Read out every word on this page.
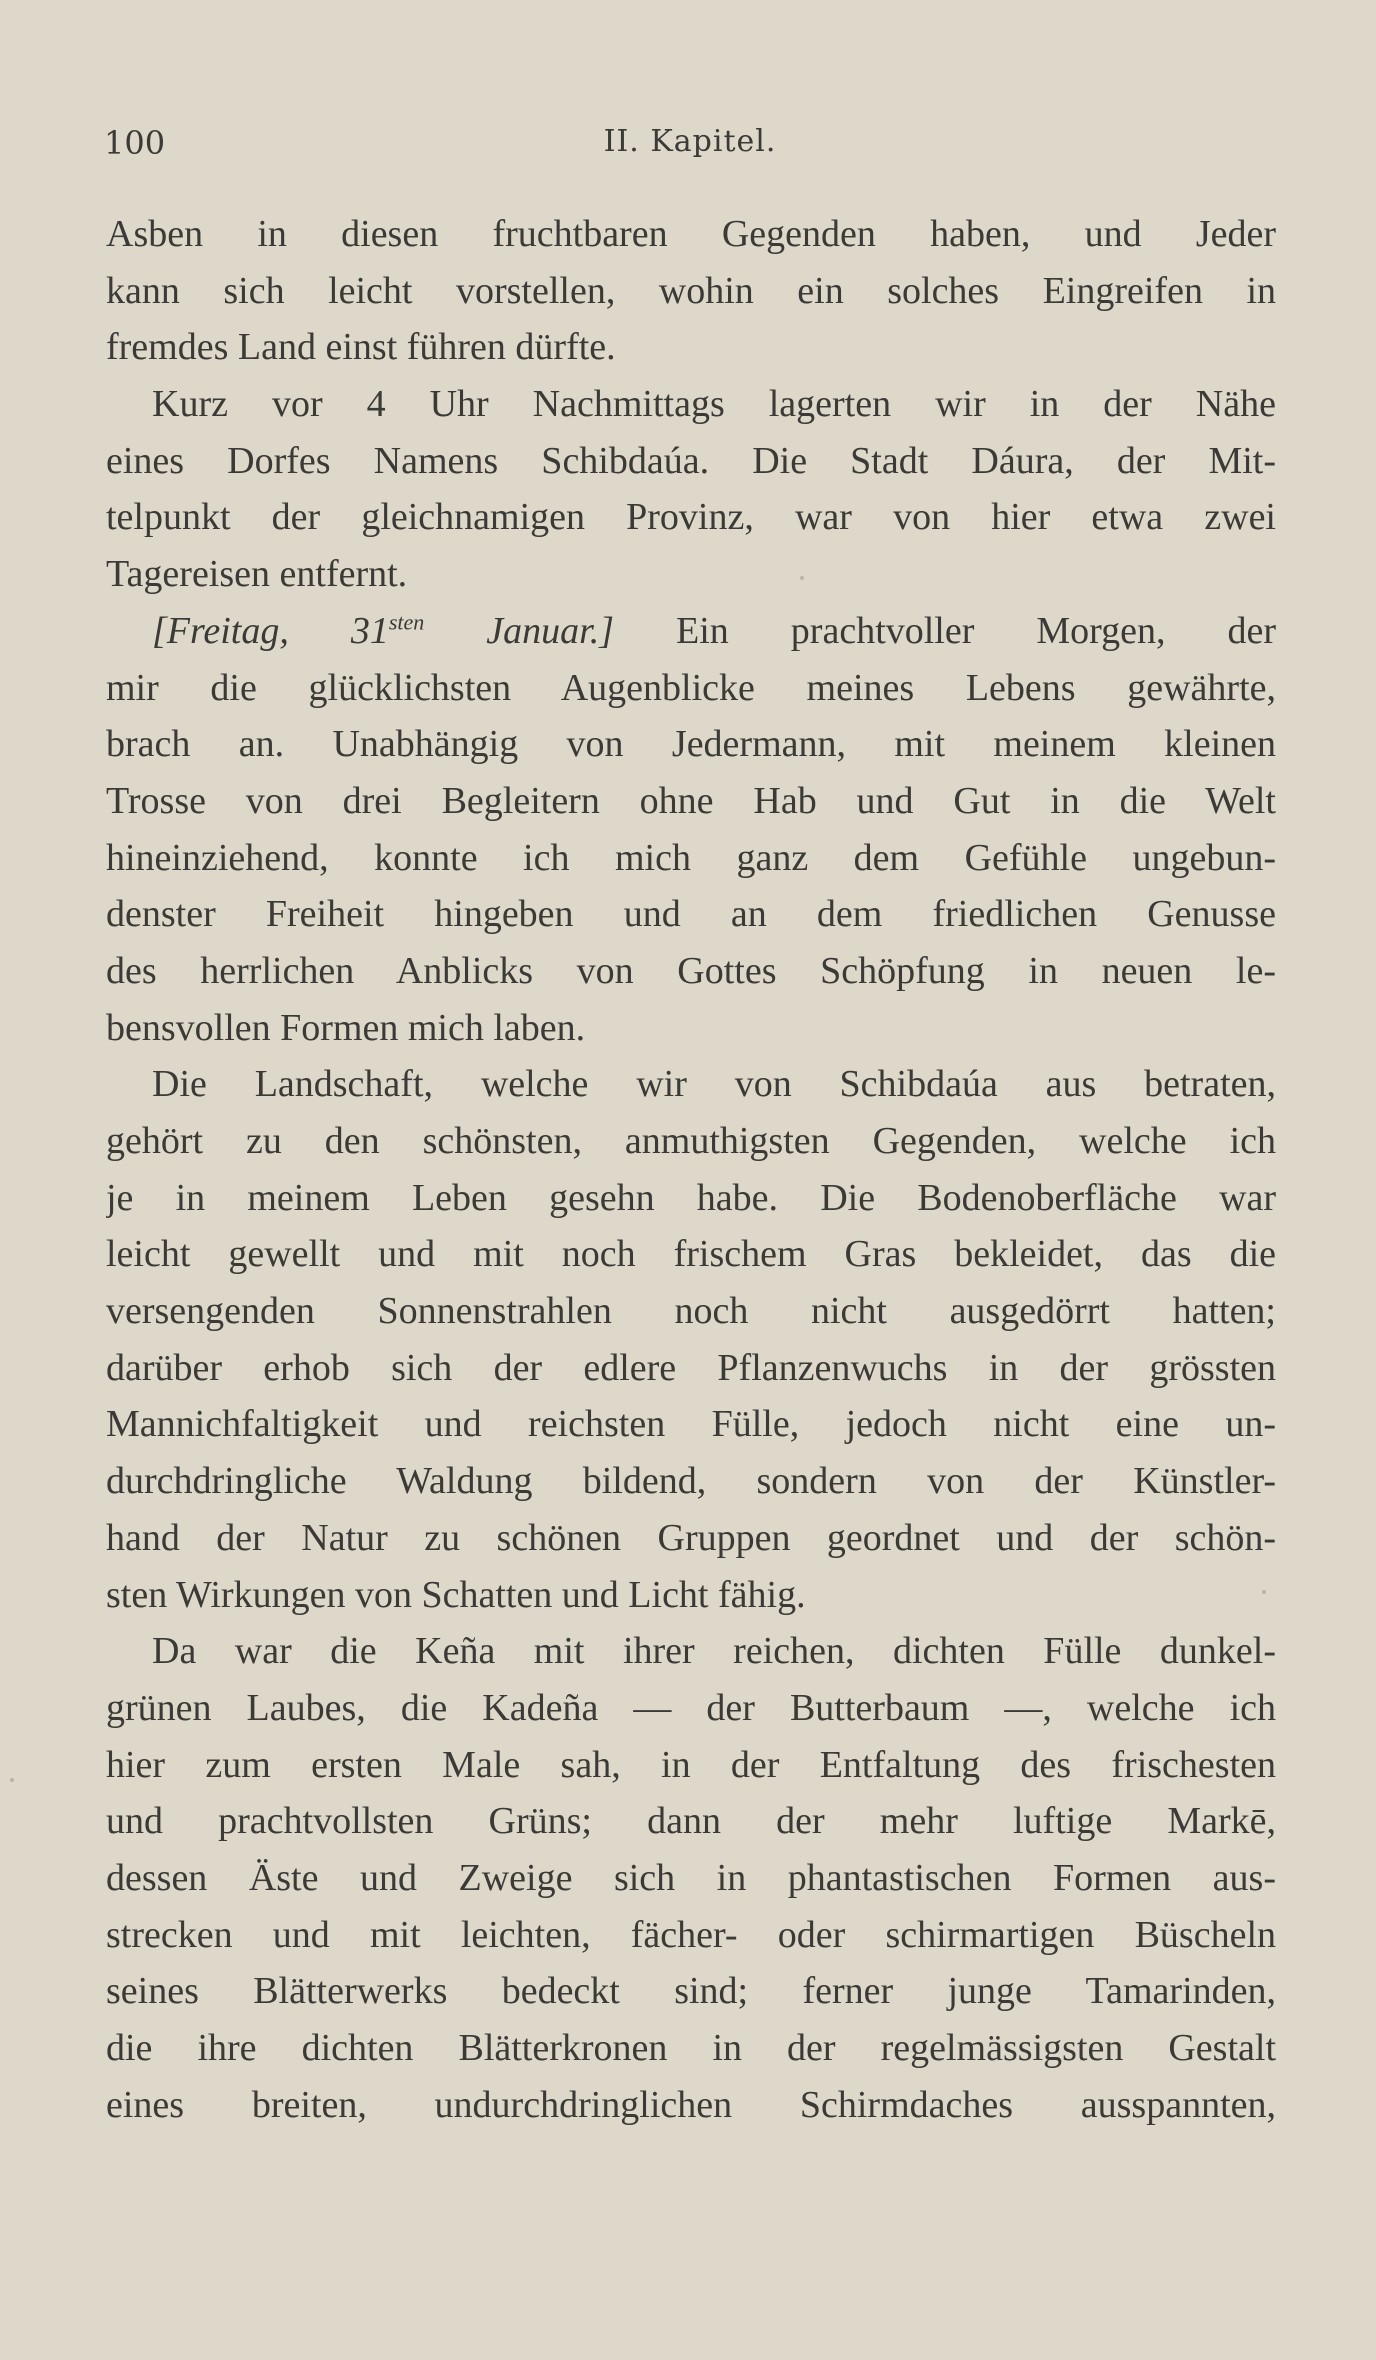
100	II. Kapitel.
Asben in diesen fruchtbaren Gegenden haben, und Jeder
kann sich leicht vorstellen, wohin ein solches Eingreifen in
fremdes Land einst führen dürfte.
Kurz vor 4 Uhr Nachmittags lagerten wir in der Nähe
eines Dorfes Namens Schibdaúa. Die Stadt Dáura, der Mit-
telpunkt der gleichnamigen Provinz, war von hier etwa zwei
Tagereisen entfernt.
[Freitag, $31^{sten}$ Januar.] Ein prachtvoller Morgen, der
mir die glücklichsten Augenblicke meines Lebens gewährte,
brach an. Unabhängig von Jedermann, mit meinem kleinen
Trosse von drei Begleitern ohne Hab und Gut in die Welt
hineinziehend, konnte ich mich ganz dem Gefühle ungebun-
denster Freiheit hingeben und an dem friedlichen Genusse
des herrlichen Anblicks von Gottes Schöpfung in neuen le-
bensvollen Formen mich laben.
Die Landschaft, welche wir von Schibdaúa aus betraten,
gehört zu den schönsten, anmuthigsten Gegenden, welche ich
je in meinem Leben gesehn habe. Die Bodenoberfläche war
leicht gewellt und mit noch frischem Gras bekleidet, das die
versengenden Sonnenstrahlen noch nicht ausgedörrt hatten;
darüber erhob sich der edlere Pflanzenwuchs in der grössten
Mannichfaltigkeit und reichsten Fülle, jedoch nicht eine un-
durchdringliche Waldung bildend, sondern von der Künstler-
hand der Natur zu schönen Gruppen geordnet und der schön-
sten Wirkungen von Schatten und Licht fähig.
Da war die Keña mit ihrer reichen, dichten Fülle dunkel-
grünen Laubes, die Kadeña — der Butterbaum —, welche ich
hier zum ersten Male sah, in der Entfaltung des frischesten
und prachtvollsten Grüns; dann der mehr luftige Markē,
dessen Äste und Zweige sich in phantastischen Formen aus-
strecken und mit leichten, fächer- oder schirmartigen Büscheln
seines Blätterwerks bedeckt sind; ferner junge Tamarinden,
die ihre dichten Blätterkronen in der regelmässigsten Gestalt
eines breiten, undurchdringlichen Schirmdaches ausspannten,
